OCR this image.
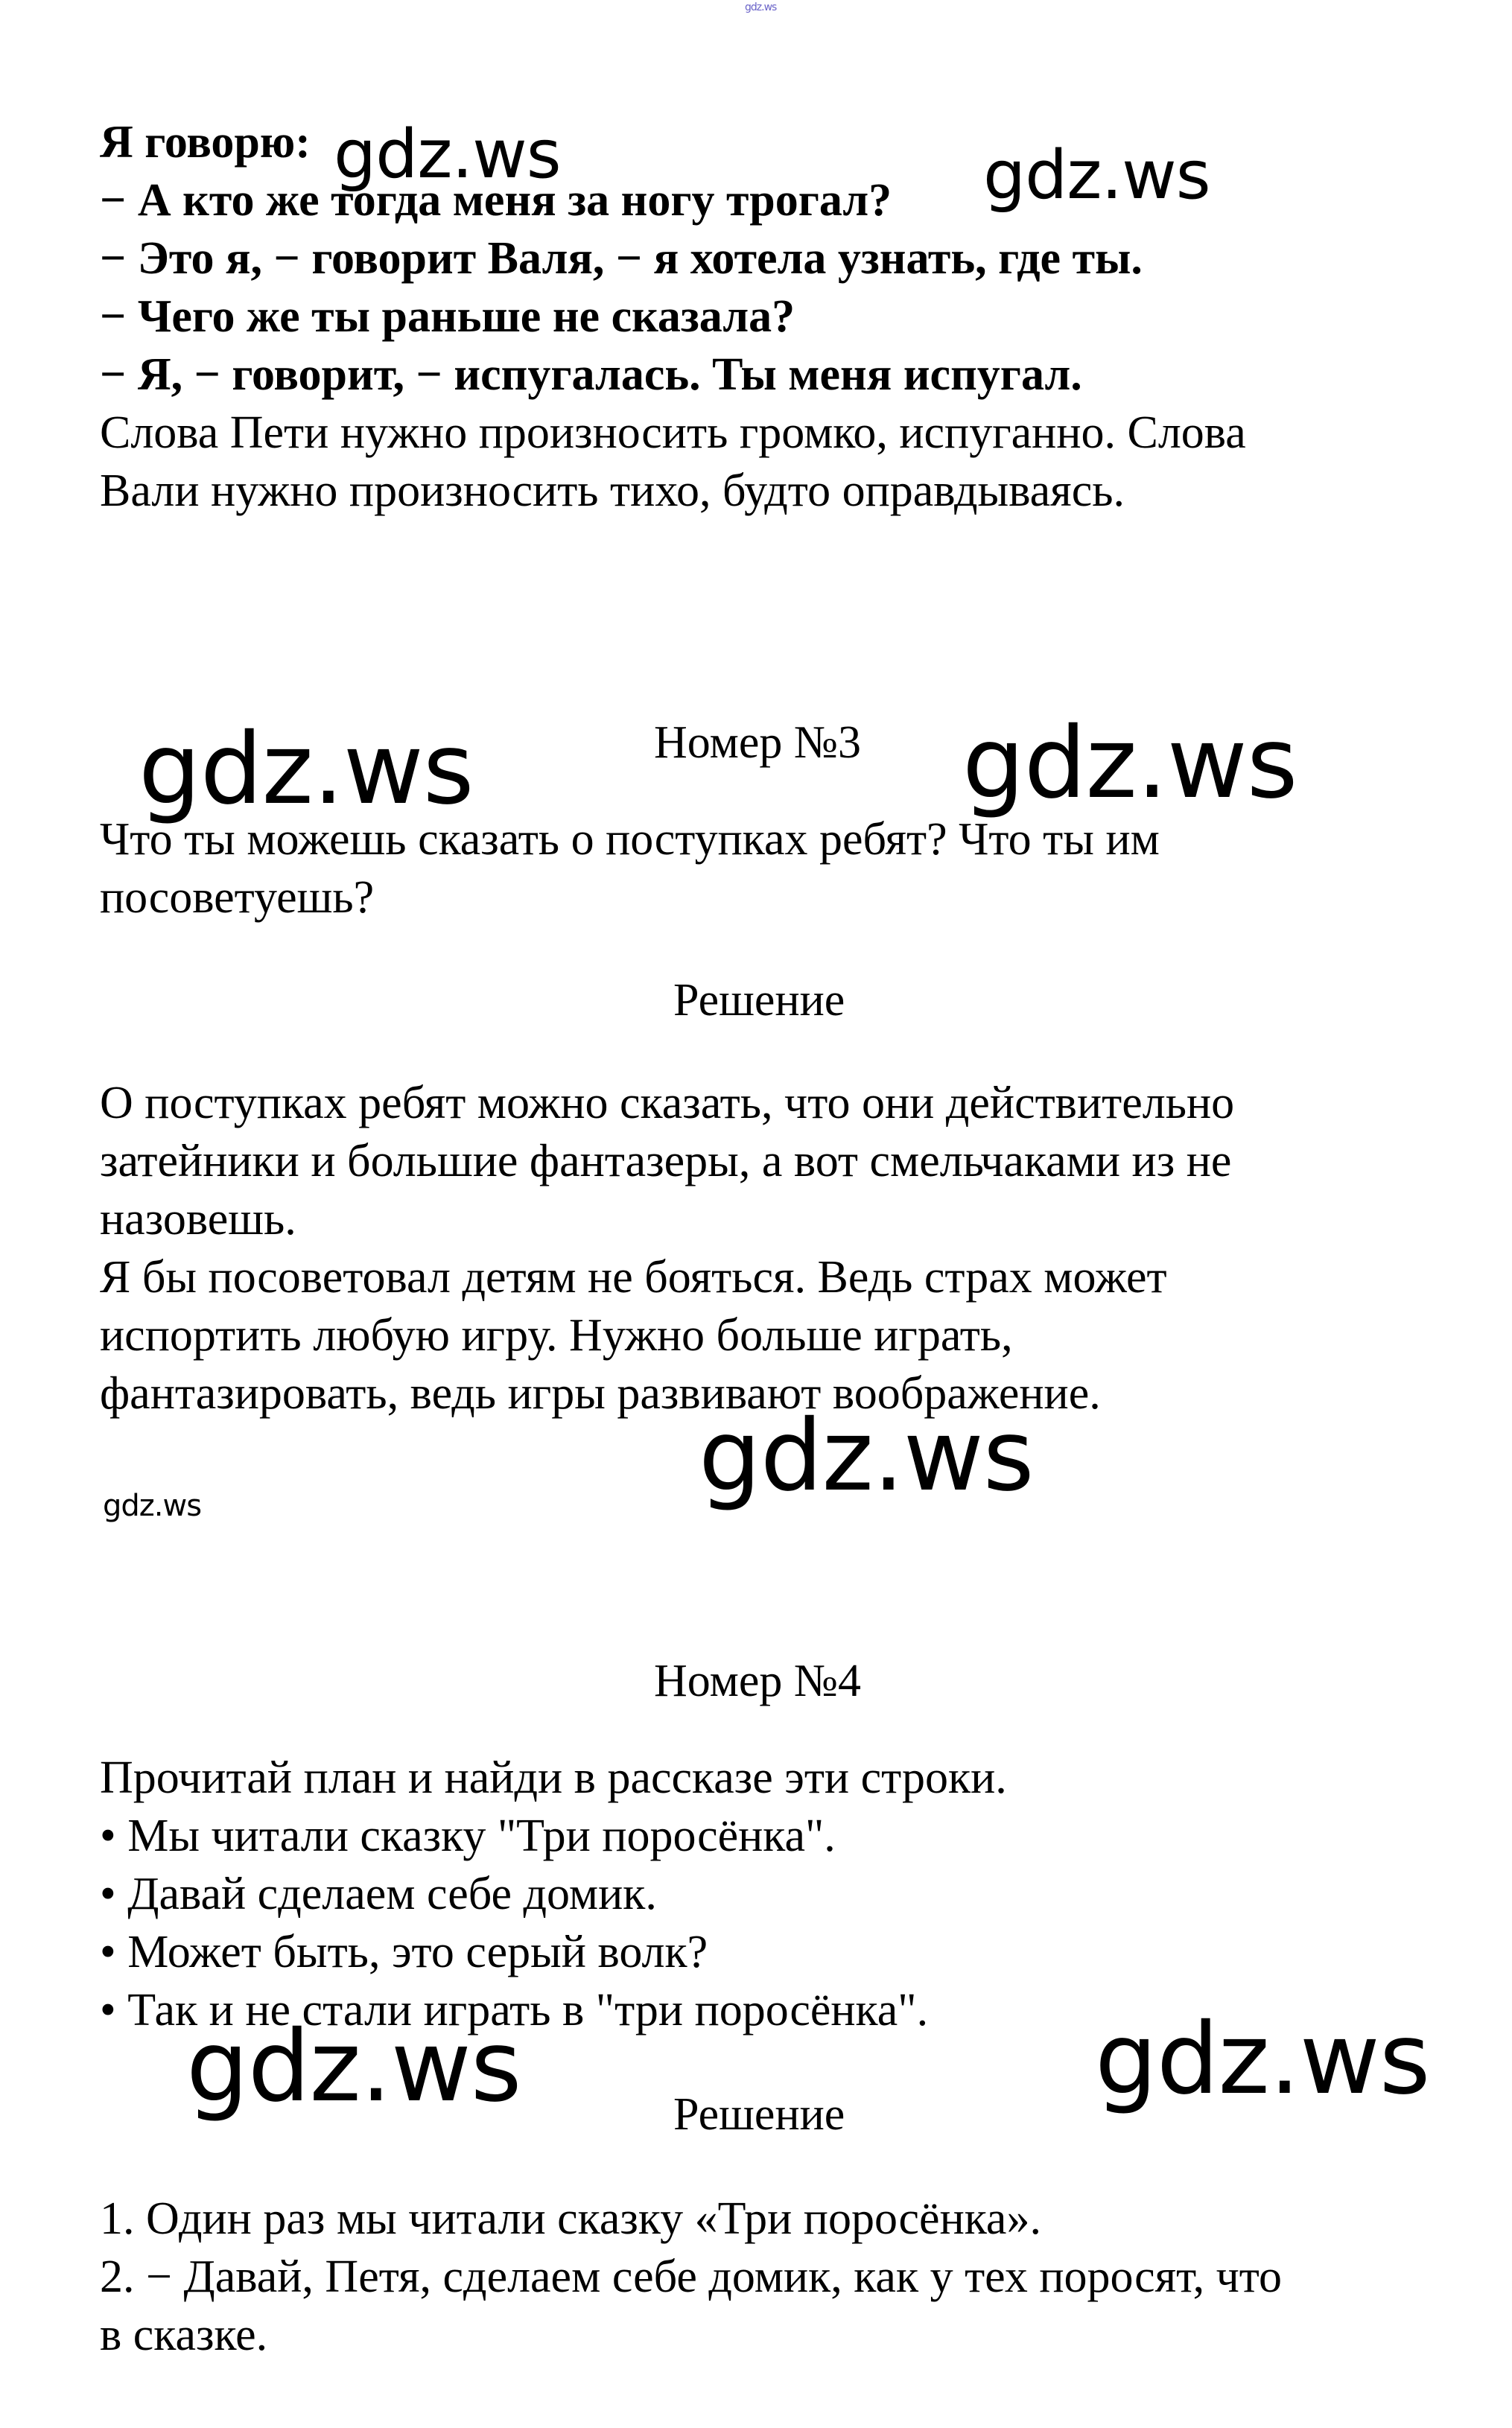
gdz.ws
Я говорю:
− А кто же тогда меня за ногу трогал?
− Это я, − говорит Валя, − я хотела узнать, где ты.
− Чего же ты раньше не сказала?
− Я, − говорит, − испугалась. Ты меня испугал.
Слова Пети нужно произносить громко, испуганно. Слова
Вали нужно произносить тихо, будто оправдываясь.
gdz.ws	gdz.ws
Номер №3
gdz.ws	gdz.ws
Что ты можешь сказать о поступках ребят? Что ты им
посоветуешь?
Решение
О поступках ребят можно сказать, что они действительно
затейники и большие фантазеры, а вот смельчаками из не
назовешь.
Я бы посоветовал детям не бояться. Ведь страх может
испортить любую игру. Нужно больше играть,
фантазировать, ведь игры развивают воображение.
gdz.ws
gdz.ws
Номер №4
Прочитай план и найди в рассказе эти строки.
• Мы читали сказку "Три поросёнка".
• Давай сделаем себе домик.
• Может быть, это серый волк?
• Так и не стали играть в "три поросёнка".
gdz.ws	gdz.ws
Решение
1. Один раз мы читали сказку «Три поросёнка».
2. − Давай, Петя, сделаем себе домик, как у тех поросят, что
в сказке.
